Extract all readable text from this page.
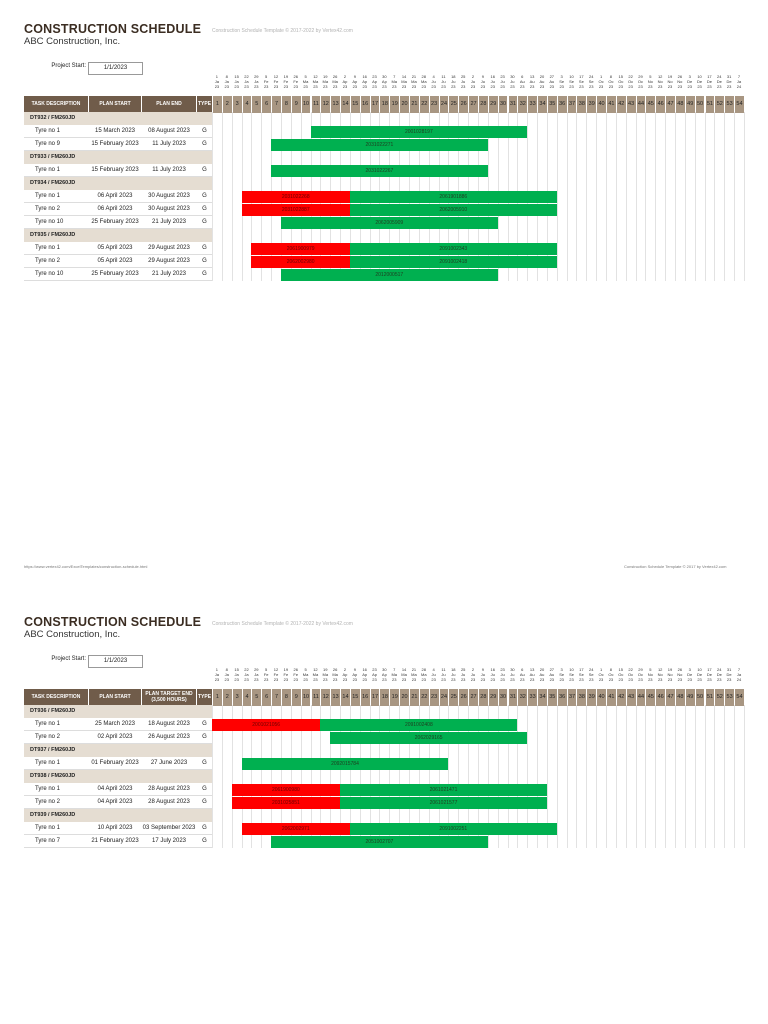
CONSTRUCTION SCHEDULE
ABC Construction, Inc.
Construction Schedule Template © 2017-2022 by Vertex42.com
Project Start:	1/1/2023
1
Ja
23
8
Ja
23
15
Ja
23
22
Ja
23
29
Ja
23
5
Fe
23
12
Fe
23
19
Fe
23
26
Fe
23
5
Ma
23
12
Ma
23
19
Ma
23
26
Ma
23
2
Ap
23
9
Ap
23
16
Ap
23
23
Ap
23
30
Ap
23
7
Ma
23
14
Ma
23
21
Ma
23
28
Ma
23
4
Ju
23
11
Ju
23
18
Ju
23
25
Ju
23
2
Ju
23
9
Ju
23
16
Ju
23
23
Ju
23
30
Ju
23
6
Au
23
13
Au
23
20
Au
23
27
Au
23
3
Se
23
10
Se
23
17
Se
23
24
Se
23
1
Oc
23
8
Oc
23
15
Oc
23
22
Oc
23
29
Oc
23
5
No
23
12
No
23
19
No
23
26
No
23
3
De
23
10
De
23
17
De
23
24
De
23
31
De
23
7
Ja
24
TASK DESCRIPTION	PLAN START	PLAN END	TYPE 1	2	3	4	5	6	7	8	9 10 11 12 13 14 15 16 17 18 19 20 21 22 23 24 25 26 27 28 29 30 31 32 33 34 35 36 37 38 39 40 41 42 43 44 45 46 47 48 49 50 51 52 53 54
DT932 / FM260JD
Tyre no 1	15 March 2023	08 August 2023	G	2001028197
Tyre no 9	15 February 2023	11 July 2023	G	2031022271
DT933 / FM260JD
Tyre no 1	15 February 2023	11 July 2023	G	2031022267
DT934 / FM260JD
Tyre no 1	06 April 2023	30 August 2023	G	2031022268	2061901886
Tyre no 2	06 April 2023	30 August 2023	G	2031022887	2062005910
Tyre no 10	25 February 2023	21 July 2023	G	2062005909
DT935 / FM260JD
Tyre no 1	05 April 2023	29 August 2023	G	2061900979	2091002343
Tyre no 2	05 April 2023	29 August 2023	G	2062002980	2091002418
Tyre no 10	25 February 2023	21 July 2023	G	2012000517
CONSTRUCTION SCHEDULE
ABC Construction, Inc.
Construction Schedule Template © 2017-2022 by Vertex42.com
Project Start:	1/1/2023
1
Ja
23
8
Ja
23
15
Ja
23
22
Ja
23
29
Ja
23
5
Fe
23
12
Fe
23
19
Fe
23
26
Fe
23
5
Ma
23
12
Ma
23
19
Ma
23
26
Ma
23
2
Ap
23
9
Ap
23
16
Ap
23
23
Ap
23
30
Ap
23
7
Ma
23
14
Ma
23
21
Ma
23
28
Ma
23
4
Ju
23
11
Ju
23
18
Ju
23
25
Ju
23
2
Ju
23
9
Ju
23
16
Ju
23
23
Ju
23
30
Ju
23
6
Au
23
13
Au
23
20
Au
23
27
Au
23
3
Se
23
10
Se
23
17
Se
23
24
Se
23
1
Oc
23
8
Oc
23
15
Oc
23
22
Oc
23
29
Oc
23
5
No
23
12
No
23
19
No
23
26
No
23
3
De
23
10
De
23
17
De
23
24
De
23
31
De
23
7
Ja
24
TASK DESCRIPTION	PLAN START	PLAN TARGET END (3,500 HOURS)	TYPE 1	2	3	4	5	6	7	8	9 10 11 12 13 14 15 16 17 18 19 20 21 22 23 24 25 26 27 28 29 30 31 32 33 34 35 36 37 38 39 40 41 42 43 44 45 46 47 48 49 50 51 52 53 54
DT936 / FM260JD
Tyre no 1	25 March 2023	18 August 2023	G	2001021056	2091002408
Tyre no 2	02 April 2023	26 August 2023	G	2062029165
DT937 / FM260JD
Tyre no 1	01 February 2023	27 June 2023	G	2092015784
DT938 / FM260JD
Tyre no 1	04 April 2023	28 August 2023	G	2061900980	2061021471
Tyre no 2	04 April 2023	28 August 2023	G	2031025851	2061021577
DT939 / FM260JD
Tyre no 1	10 April 2023	03 September 2023	G	2062002971	2091002251
Tyre no 7	21 February 2023	17 July 2023	G	2051002707
https://www.vertex42.com/ExcelTemplates/construction-schedule.html	Construction Schedule Template © 2017 by Vertex42.com
